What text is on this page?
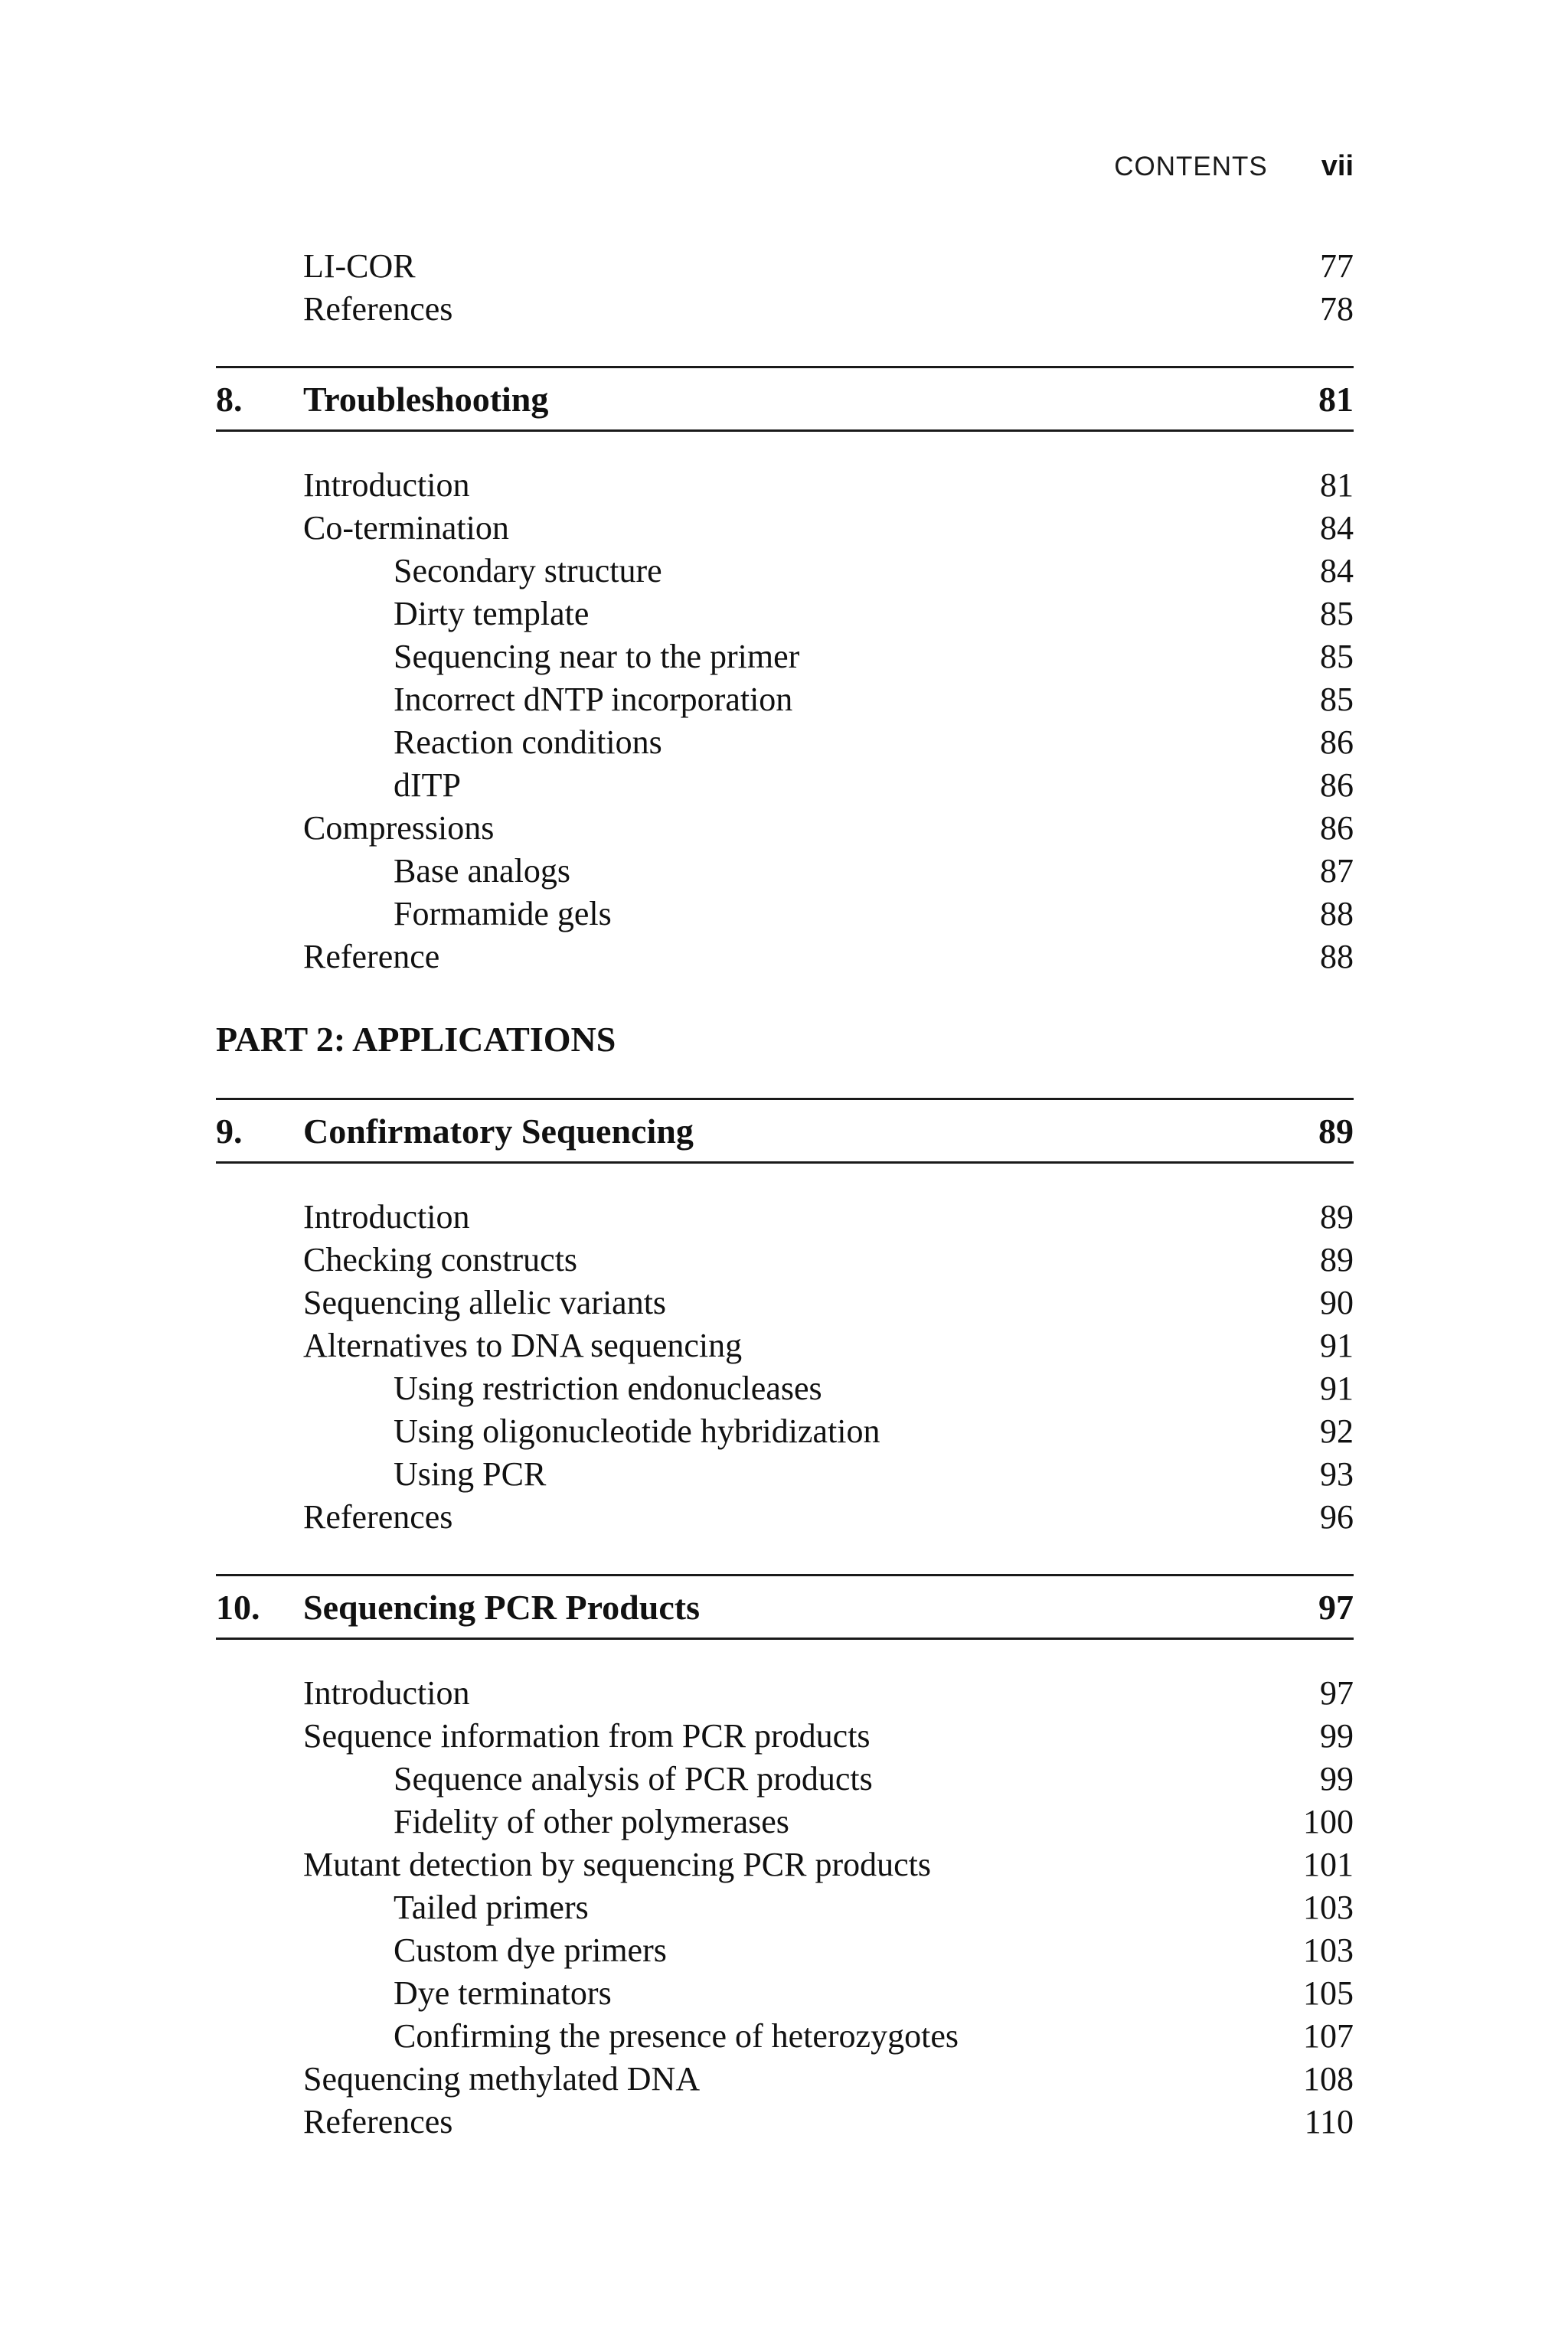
CONTENTS vii
LI-COR	77
References	78
8.	Troubleshooting	81
Introduction	81
Co-termination	84
Secondary structure	84
Dirty template	85
Sequencing near to the primer	85
Incorrect dNTP incorporation	85
Reaction conditions	86
dITP	86
Compressions	86
Base analogs	87
Formamide gels	88
Reference	88
PART 2: APPLICATIONS
9.	Confirmatory Sequencing	89
Introduction	89
Checking constructs	89
Sequencing allelic variants	90
Alternatives to DNA sequencing	91
Using restriction endonucleases	91
Using oligonucleotide hybridization	92
Using PCR	93
References	96
10.	Sequencing PCR Products	97
Introduction	97
Sequence information from PCR products	99
Sequence analysis of PCR products	99
Fidelity of other polymerases	100
Mutant detection by sequencing PCR products	101
Tailed primers	103
Custom dye primers	103
Dye terminators	105
Confirming the presence of heterozygotes	107
Sequencing methylated DNA	108
References	110
